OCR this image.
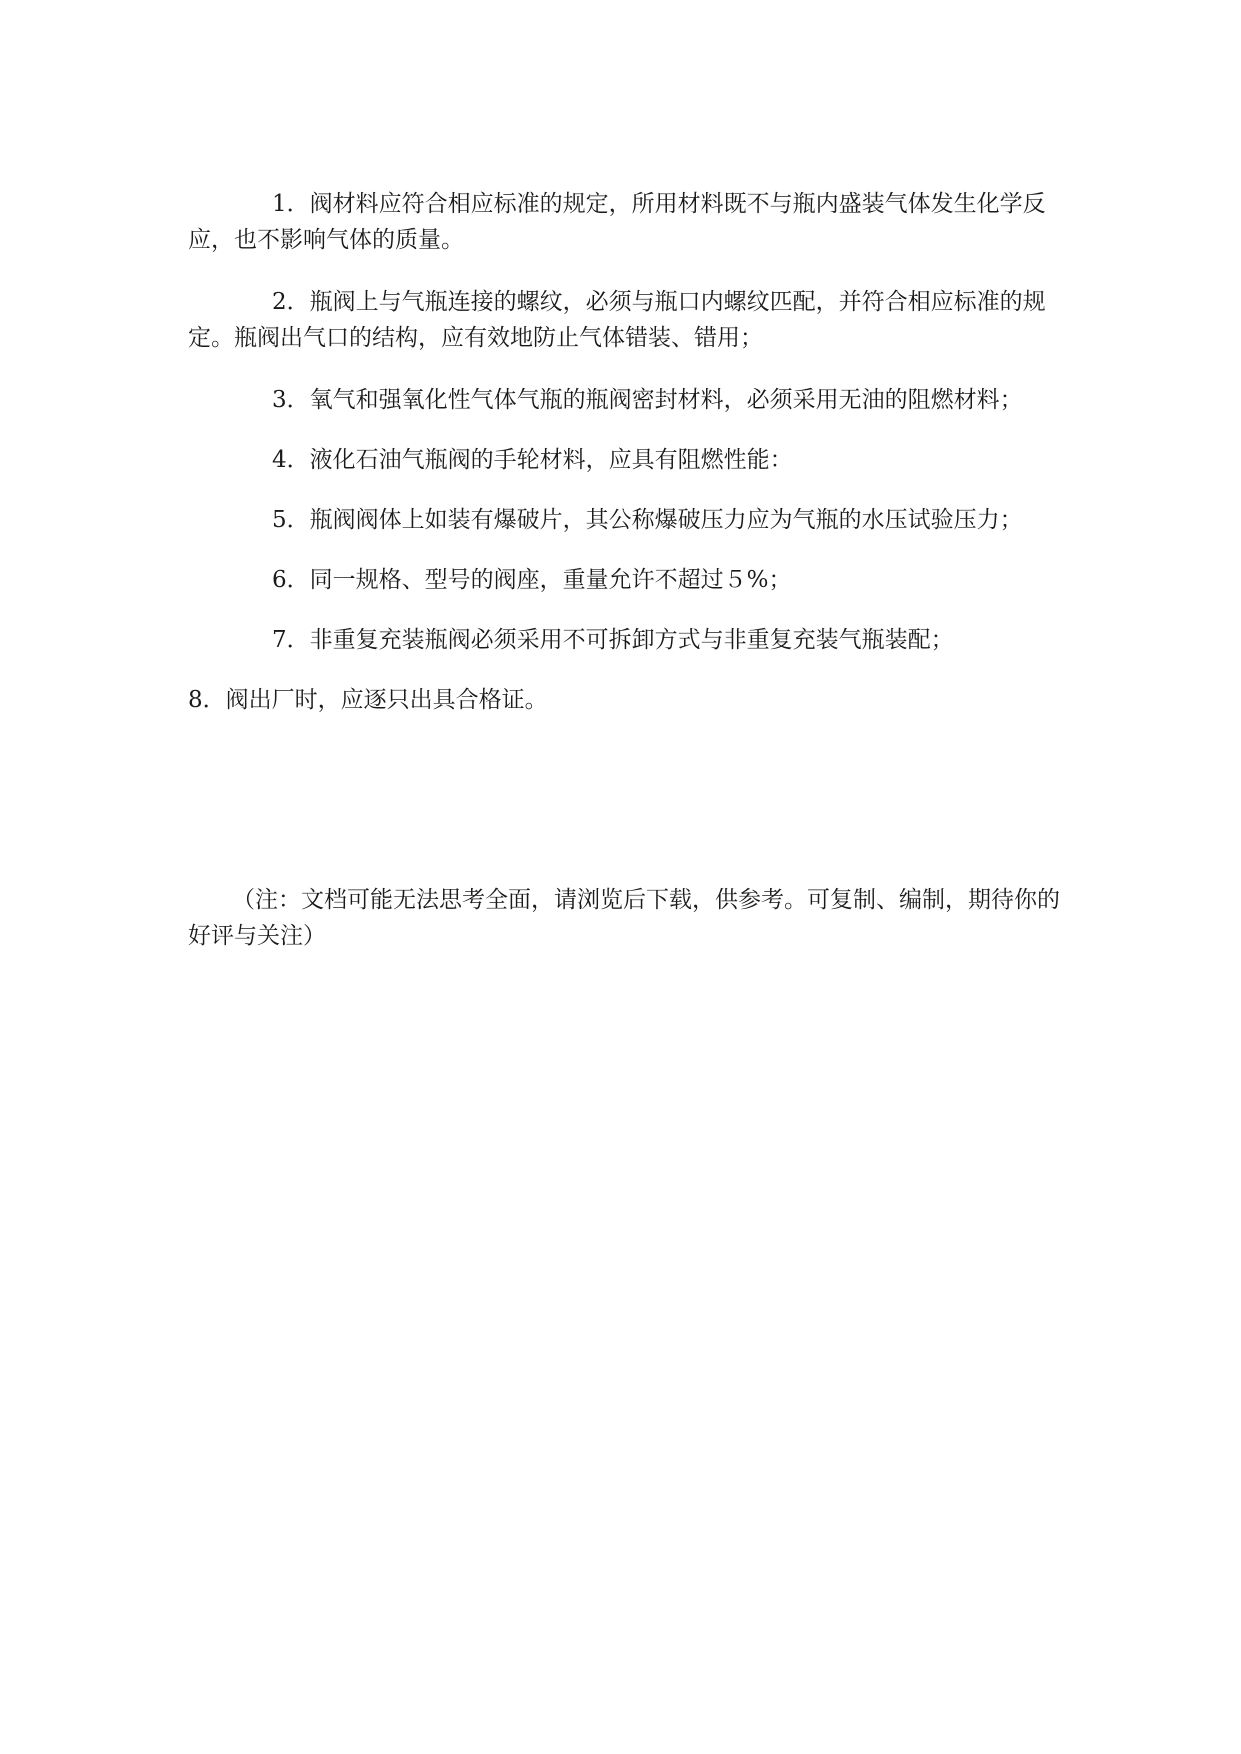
1．阀材料应符合相应标准的规定，所用材料既不与瓶内盛装气体发生化学反应，也不影响气体的质量。

2．瓶阀上与气瓶连接的螺纹，必须与瓶口内螺纹匹配，并符合相应标准的规定。瓶阀出气口的结构，应有效地防止气体错装、错用；

3．氧气和强氧化性气体气瓶的瓶阀密封材料，必须采用无油的阻燃材料；

4．液化石油气瓶阀的手轮材料，应具有阻燃性能：

5．瓶阀阀体上如装有爆破片，其公称爆破压力应为气瓶的水压试验压力；

6．同一规格、型号的阀座，重量允许不超过５%；

7．非重复充装瓶阀必须采用不可拆卸方式与非重复充装气瓶装配；

8．阀出厂时，应逐只出具合格证。

（注：文档可能无法思考全面，请浏览后下载，供参考。可复制、编制，期待你的好评与关注）
